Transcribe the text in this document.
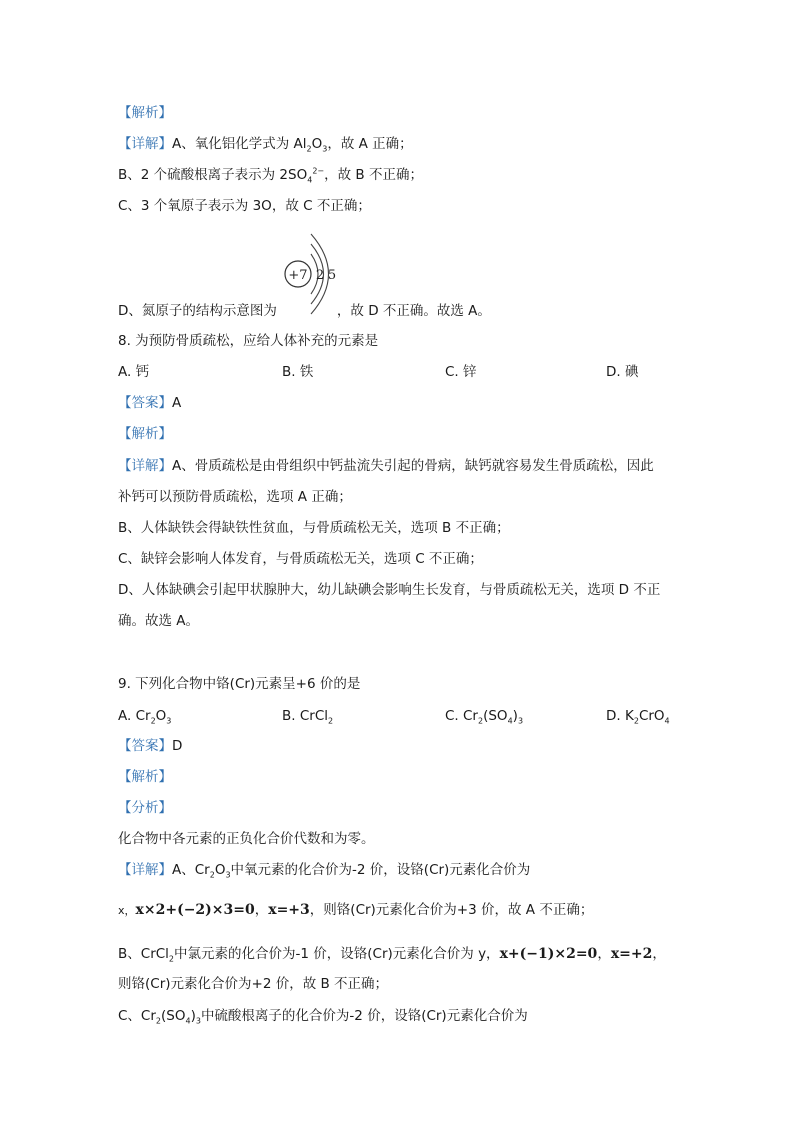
【解析】
【详解】A、氧化铝化学式为 $Al_2O_3$，故 A 正确；
B、2 个硫酸根离子表示为 $2SO_4^{2-}$，故 B 不正确；
C、3 个氧原子表示为 3O，故 C 不正确；
+7 2 5
D、氮原子的结构示意图为	，故 D 不正确。故选 A。
8. 为预防骨质疏松，应给人体补充的元素是
A. 钙	B. 铁	C. 锌	D. 碘
【答案】A
【解析】
【详解】A、骨质疏松是由骨组织中钙盐流失引起的骨病，缺钙就容易发生骨质疏松，因此
补钙可以预防骨质疏松，选项 A 正确；
B、人体缺铁会得缺铁性贫血，与骨质疏松无关，选项 B 不正确；
C、缺锌会影响人体发育，与骨质疏松无关，选项 C 不正确；
D、人体缺碘会引起甲状腺肿大，幼儿缺碘会影响生长发育，与骨质疏松无关，选项 D 不正
确。故选 A。
9. 下列化合物中铬(Cr)元素呈+6 价的是
A. $Cr_2O_3$	B. CrCl$_2$	C. $Cr_2(SO_4)_3$	D. $K_2CrO_4$
【答案】D
【解析】
【分析】
化合物中各元素的正负化合价代数和为零。
【详解】A、$Cr_2O_3$中氧元素的化合价为-2 价，设铬(Cr)元素化合价为
x，x×2+(−2)×3=0，x=+3，则铬(Cr)元素化合价为+3 价，故 A 不正确；
B、CrCl$_2$中氯元素的化合价为-1 价，设铬(Cr)元素化合价为 y，x+(−1)×2=0，x=+2，
则铬(Cr)元素化合价为+2 价，故 B 不正确；
C、$Cr_2(SO_4)_3$中硫酸根离子的化合价为-2 价，设铬(Cr)元素化合价为
